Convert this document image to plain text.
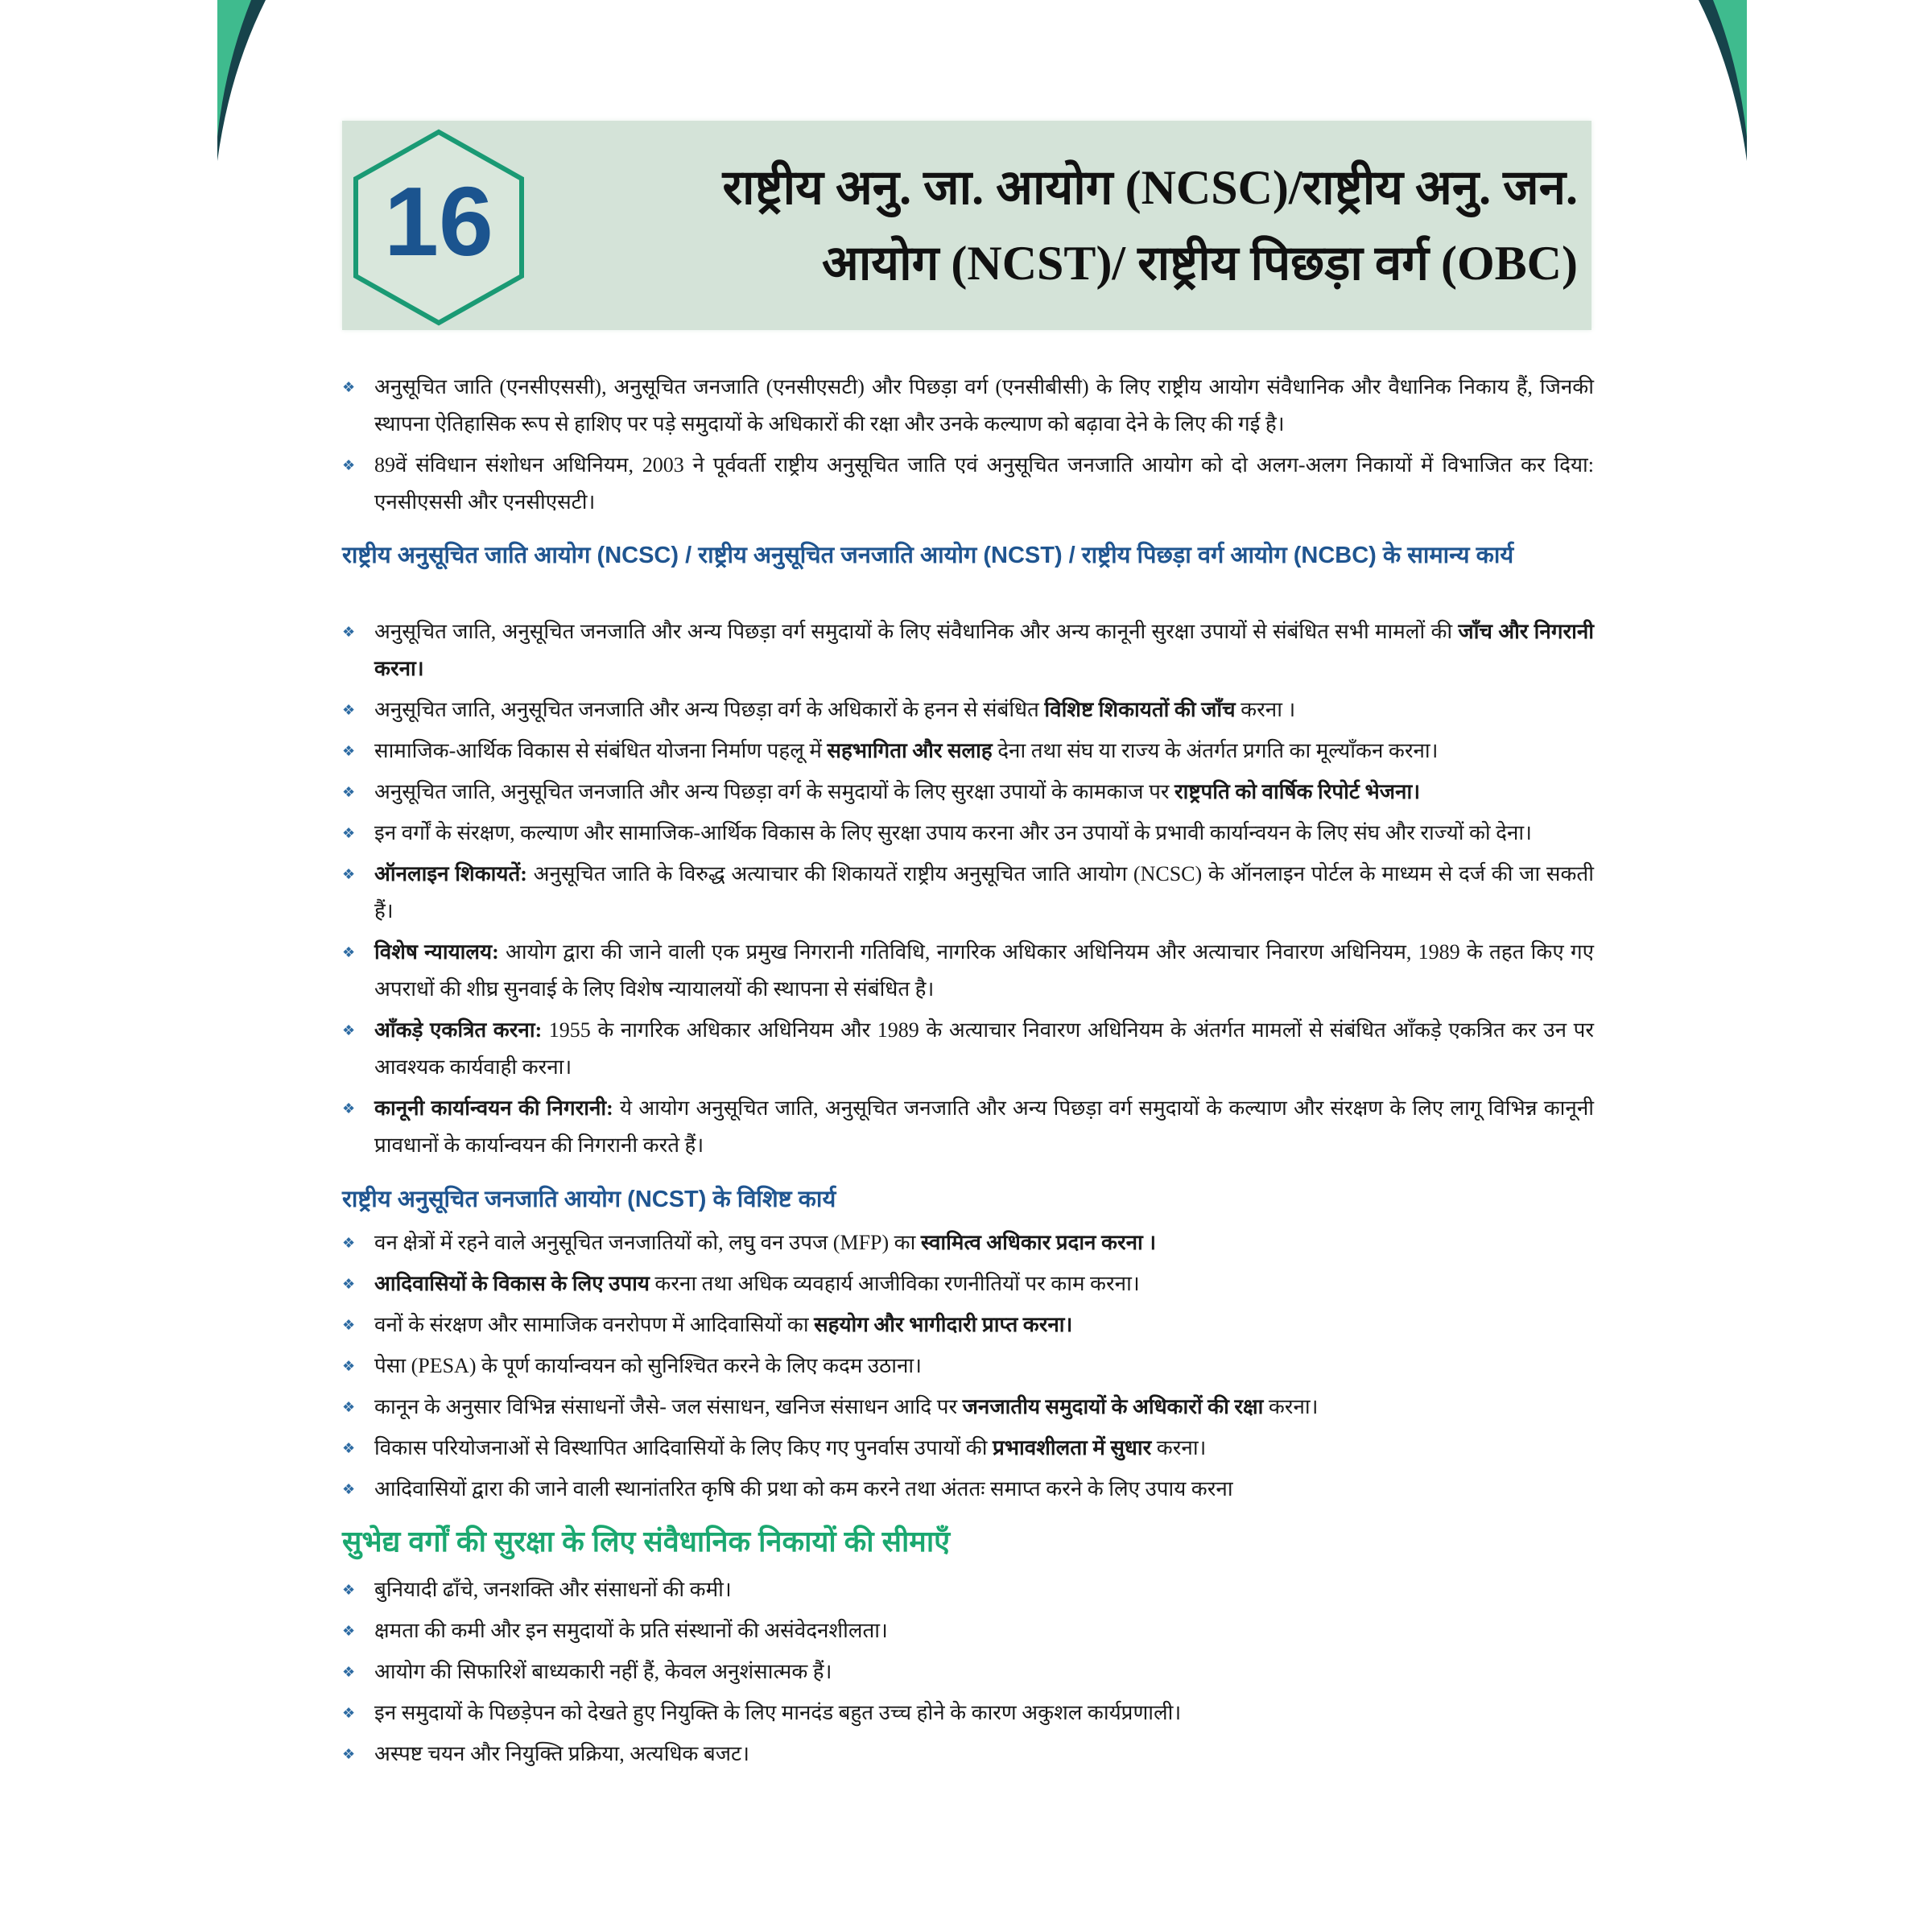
16	राष्ट्रीय अनु. जा. आयोग (NCSC)/राष्ट्रीय अनु. जन.
आयोग (NCST)/ राष्ट्रीय पिछड़ा वर्ग (OBC)
❖ अनुसूचित जाति (एनसीएससी), अनुसूचित जनजाति (एनसीएसटी) और पिछड़ा वर्ग (एनसीबीसी) के लिए राष्ट्रीय आयोग संवैधानिक और वैधानिक निकाय हैं, जिनकी स्थापना ऐतिहासिक रूप से हाशिए पर पड़े समुदायों के अधिकारों की रक्षा और उनके कल्याण को बढ़ावा देने के लिए की गई है।
❖ 89वें संविधान संशोधन अधिनियम, 2003 ने पूर्ववर्ती राष्ट्रीय अनुसूचित जाति एवं अनुसूचित जनजाति आयोग को दो अलग-अलग निकायों में विभाजित कर दिया: एनसीएससी और एनसीएसटी।
राष्ट्रीय अनुसूचित जाति आयोग (NCSC) / राष्ट्रीय अनुसूचित जनजाति आयोग (NCST) / राष्ट्रीय पिछड़ा वर्ग आयोग (NCBC) के सामान्य कार्य
❖ अनुसूचित जाति, अनुसूचित जनजाति और अन्य पिछड़ा वर्ग समुदायों के लिए संवैधानिक और अन्य कानूनी सुरक्षा उपायों से संबंधित सभी मामलों की जाँच और निगरानी करना।
❖ अनुसूचित जाति, अनुसूचित जनजाति और अन्य पिछड़ा वर्ग के अधिकारों के हनन से संबंधित विशिष्ट शिकायतों की जाँच करना ।
❖ सामाजिक-आर्थिक विकास से संबंधित योजना निर्माण पहलू में सहभागिता और सलाह देना तथा संघ या राज्य के अंतर्गत प्रगति का मूल्याँकन करना।
❖ अनुसूचित जाति, अनुसूचित जनजाति और अन्य पिछड़ा वर्ग के समुदायों के लिए सुरक्षा उपायों के कामकाज पर राष्ट्रपति को वार्षिक रिपोर्ट भेजना।
❖ इन वर्गों के संरक्षण, कल्याण और सामाजिक-आर्थिक विकास के लिए सुरक्षा उपाय करना और उन उपायों के प्रभावी कार्यान्वयन के लिए संघ और राज्यों को देना।
❖ ऑनलाइन शिकायतें: अनुसूचित जाति के विरुद्ध अत्याचार की शिकायतें राष्ट्रीय अनुसूचित जाति आयोग (NCSC) के ऑनलाइन पोर्टल के माध्यम से दर्ज की जा सकती हैं।
❖ विशेष न्यायालय: आयोग द्वारा की जाने वाली एक प्रमुख निगरानी गतिविधि, नागरिक अधिकार अधिनियम और अत्याचार निवारण अधिनियम, 1989 के तहत किए गए अपराधों की शीघ्र सुनवाई के लिए विशेष न्यायालयों की स्थापना से संबंधित है।
❖ आँकड़े एकत्रित करना: 1955 के नागरिक अधिकार अधिनियम और 1989 के अत्याचार निवारण अधिनियम के अंतर्गत मामलों से संबंधित आँकड़े एकत्रित कर उन पर आवश्यक कार्यवाही करना।
❖ कानूनी कार्यान्वयन की निगरानी: ये आयोग अनुसूचित जाति, अनुसूचित जनजाति और अन्य पिछड़ा वर्ग समुदायों के कल्याण और संरक्षण के लिए लागू विभिन्न कानूनी प्रावधानों के कार्यान्वयन की निगरानी करते हैं।
राष्ट्रीय अनुसूचित जनजाति आयोग (NCST) के विशिष्ट कार्य
❖ वन क्षेत्रों में रहने वाले अनुसूचित जनजातियों को, लघु वन उपज (MFP) का स्वामित्व अधिकार प्रदान करना ।
❖ आदिवासियों के विकास के लिए उपाय करना तथा अधिक व्यवहार्य आजीविका रणनीतियों पर काम करना।
❖ वनों के संरक्षण और सामाजिक वनरोपण में आदिवासियों का सहयोग और भागीदारी प्राप्त करना।
❖ पेसा (PESA) के पूर्ण कार्यान्वयन को सुनिश्चित करने के लिए कदम उठाना।
❖ कानून के अनुसार विभिन्न संसाधनों जैसे- जल संसाधन, खनिज संसाधन आदि पर जनजातीय समुदायों के अधिकारों की रक्षा करना।
❖ विकास परियोजनाओं से विस्थापित आदिवासियों के लिए किए गए पुनर्वास उपायों की प्रभावशीलता में सुधार करना।
❖ आदिवासियों द्वारा की जाने वाली स्थानांतरित कृषि की प्रथा को कम करने तथा अंततः समाप्त करने के लिए उपाय करना
सुभेद्य वर्गों की सुरक्षा के लिए संवैधानिक निकायों की सीमाएँ
❖ बुनियादी ढाँचे, जनशक्ति और संसाधनों की कमी।
❖ क्षमता की कमी और इन समुदायों के प्रति संस्थानों की असंवेदनशीलता।
❖ आयोग की सिफारिशें बाध्यकारी नहीं हैं, केवल अनुशंसात्मक हैं।
❖ इन समुदायों के पिछड़ेपन को देखते हुए नियुक्ति के लिए मानदंड बहुत उच्च होने के कारण अकुशल कार्यप्रणाली।
❖ अस्पष्ट चयन और नियुक्ति प्रक्रिया, अत्यधिक बजट।
